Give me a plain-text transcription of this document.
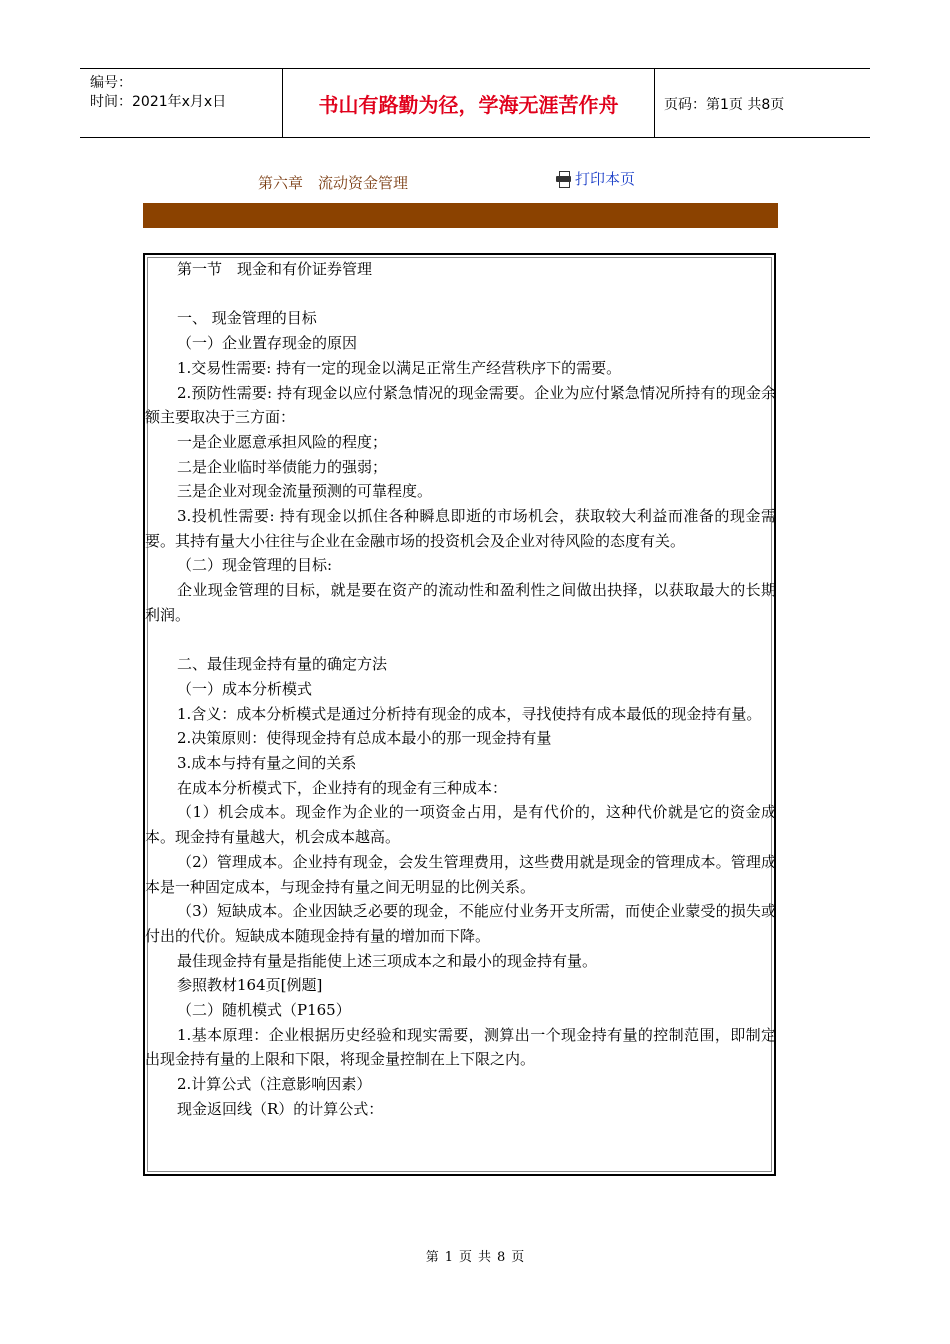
编号：
时间：2021年x月x日	书山有路勤为径，学海无涯苦作舟	页码：第1页 共8页
第六章　流动资金管理	打印本页

第一节　现金和有价证券管理

一、 现金管理的目标

（一）企业置存现金的原因

1.交易性需要: 持有一定的现金以满足正常生产经营秩序下的需要。

2.预防性需要: 持有现金以应付紧急情况的现金需要。企业为应付紧急情况所持有的现金余额主要取决于三方面：

一是企业愿意承担风险的程度；

二是企业临时举债能力的强弱；

三是企业对现金流量预测的可靠程度。

3.投机性需要: 持有现金以抓住各种瞬息即逝的市场机会，获取较大利益而准备的现金需要。其持有量大小往往与企业在金融市场的投资机会及企业对待风险的态度有关。

（二）现金管理的目标:

企业现金管理的目标，就是要在资产的流动性和盈利性之间做出抉择，以获取最大的长期利润。

二、最佳现金持有量的确定方法

（一）成本分析模式

1.含义：成本分析模式是通过分析持有现金的成本，寻找使持有成本最低的现金持有量。

2.决策原则：使得现金持有总成本最小的那一现金持有量

3.成本与持有量之间的关系

在成本分析模式下，企业持有的现金有三种成本：

（1）机会成本。现金作为企业的一项资金占用，是有代价的，这种代价就是它的资金成本。现金持有量越大，机会成本越高。

（2）管理成本。企业持有现金，会发生管理费用，这些费用就是现金的管理成本。管理成本是一种固定成本，与现金持有量之间无明显的比例关系。

（3）短缺成本。企业因缺乏必要的现金，不能应付业务开支所需，而使企业蒙受的损失或付出的代价。短缺成本随现金持有量的增加而下降。

最佳现金持有量是指能使上述三项成本之和最小的现金持有量。

参照教材164页[例题]

（二）随机模式（P165）

1.基本原理：企业根据历史经验和现实需要，测算出一个现金持有量的控制范围，即制定出现金持有量的上限和下限，将现金量控制在上下限之内。

2.计算公式（注意影响因素）

现金返回线（R）的计算公式：

第 1 页 共 8 页
